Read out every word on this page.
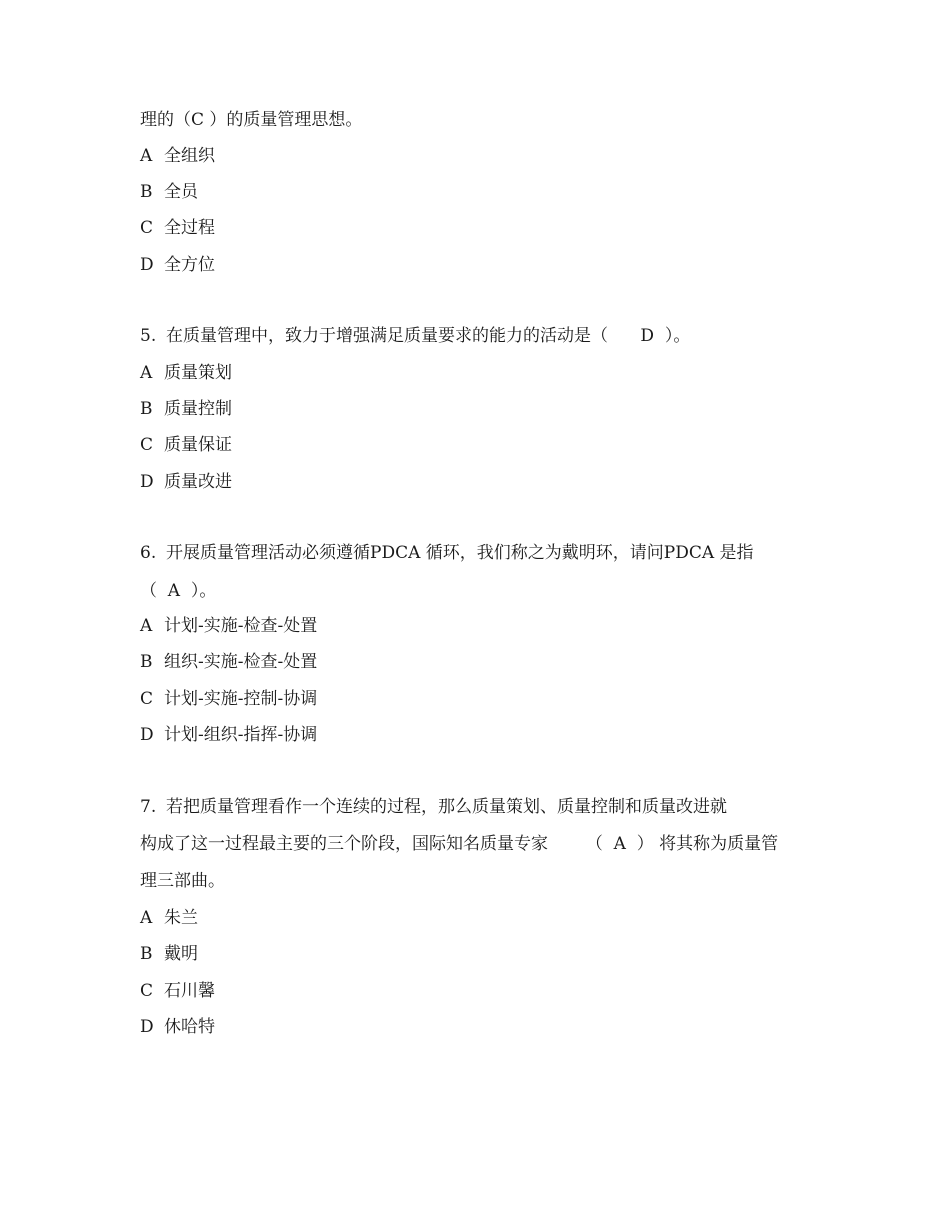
理的（C ）的质量管理思想。
A 全组织
B 全员
C 全过程
D 全方位
5. 在质量管理中，致力于增强满足质量要求的能力的活动是（      D  ）。
A 质量策划
B 质量控制
C 质量保证
D 质量改进
6. 开展质量管理活动必须遵循PDCA 循环，我们称之为戴明环，请问PDCA 是指
（  A  ）。
A 计划-实施-检查-处置
B 组织-实施-检查-处置
C 计划-实施-控制-协调
D 计划-组织-指挥-协调
7. 若把质量管理看作一个连续的过程，那么质量策划、质量控制和质量改进就
构成了这一过程最主要的三个阶段，国际知名质量专家       （  A  ） 将其称为质量管
理三部曲。
A 朱兰
B 戴明
C 石川馨
D 休哈特
